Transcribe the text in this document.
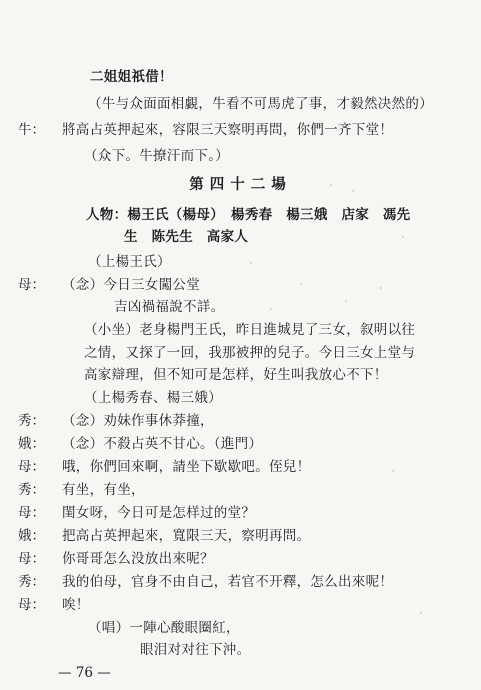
二姐姐祇借！
（牛与众面面相覷，牛看不可馬虎了事，才毅然决然的）
牛： 將高占英押起來，容限三天察明再問，你們一齐下堂！
（众下。牛撩汗而下。）
第四十二場
人物：楊王氏（楊母）　楊秀春　楊三娥　店家　馮先
生　陈先生　高家人
（上楊王氏）
母： （念）今日三女闖公堂
吉凶禍福說不詳。
（小坐）老身楊門王氏，昨日進城見了三女，叙明以往
之情，又探了一回，我那被押的兒子。今日三女上堂与
高家辯理，但不知可是怎样，好生叫我放心不下！
（上楊秀春、楊三娥）
秀： （念）劝妹作事休莽撞，
娥： （念）不殺占英不甘心。（進門）
母： 哦，你們回來啊，請坐下歇歇吧。侄兒！
秀： 有坐，有坐，
母： 閨女呀，今日可是怎样过的堂？
娥： 把高占英押起來，寬限三天，察明再問。
母： 你哥哥怎么没放出來呢？
秀： 我的伯母，官身不由自己，若官不开釋，怎么出來呢！
母： 唉！
（唱）一陣心酸眼圈紅，
眼泪对对往下沖。
— 76 —
